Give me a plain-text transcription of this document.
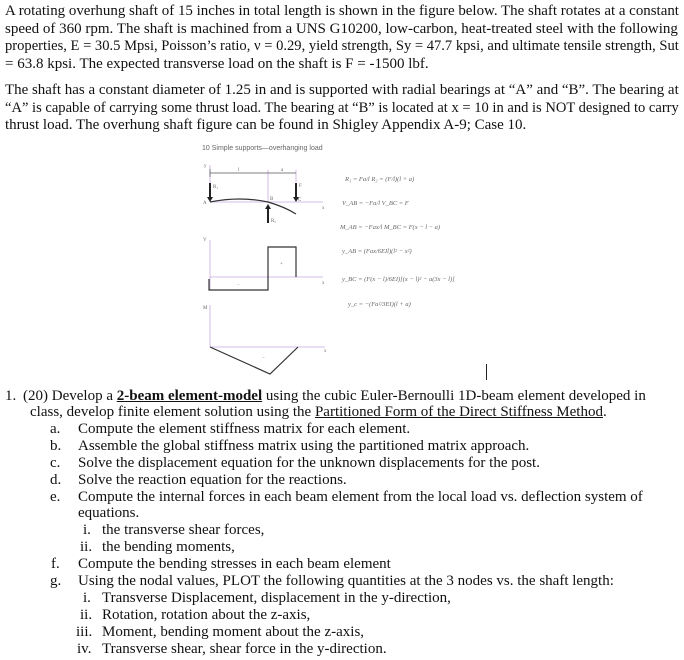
A rotating overhung shaft of 15 inches in total length is shown in the figure below. The shaft rotates at a constant
speed of 360 rpm. The shaft is machined from a UNS G10200, low-carbon, heat-treated steel with the following
properties, E = 30.5 Mpsi, Poisson’s ratio, ν = 0.29, yield strength, Sy = 47.7 kpsi, and ultimate tensile strength, Sut
= 63.8 kpsi. The expected transverse load on the shaft is F = -1500 lbf.
The shaft has a constant diameter of 1.25 in and is supported with radial bearings at “A” and “B”. The bearing at
“A” is capable of carrying some thrust load. The bearing at “B” is located at x = 10 in and is NOT designed to carry
thrust load. The overhung shaft figure can be found in Shigley Appendix A-9; Case 10.
10 Simple supports—overhanging load
y
A
B	C
x
l	a
R₁
R₂
F
V
+
−	x
M
−
x
R₁ = Fa/l R₂ = (F/l)(l + a)
V_AB = −Fa/l V_BC = F
M_AB = −Fax/l M_BC = F(x − l − a)
y_AB = (Fax/6EIl)(l² − x²)
y_BC = (F(x − l)/6EI)[(x − l)² − a(3x − l)]
y_c = −(Fa²/3EI)(l + a)
1. (20) Develop a 2-beam element-model using the cubic Euler-Bernoulli 1D-beam element developed in
class, develop finite element solution using the Partitioned Form of the Direct Stiffness Method.
a. Compute the element stiffness matrix for each element.
b. Assemble the global stiffness matrix using the partitioned matrix approach.
c. Solve the displacement equation for the unknown displacements for the post.
d. Solve the reaction equation for the reactions.
e. Compute the internal forces in each beam element from the local load vs. deflection system of
equations.
i. the transverse shear forces,
ii. the bending moments,
f. Compute the bending stresses in each beam element
g. Using the nodal values, PLOT the following quantities at the 3 nodes vs. the shaft length:
i. Transverse Displacement, displacement in the y-direction,
ii. Rotation, rotation about the z-axis,
iii. Moment, bending moment about the z-axis,
iv. Transverse shear, shear force in the y-direction.
